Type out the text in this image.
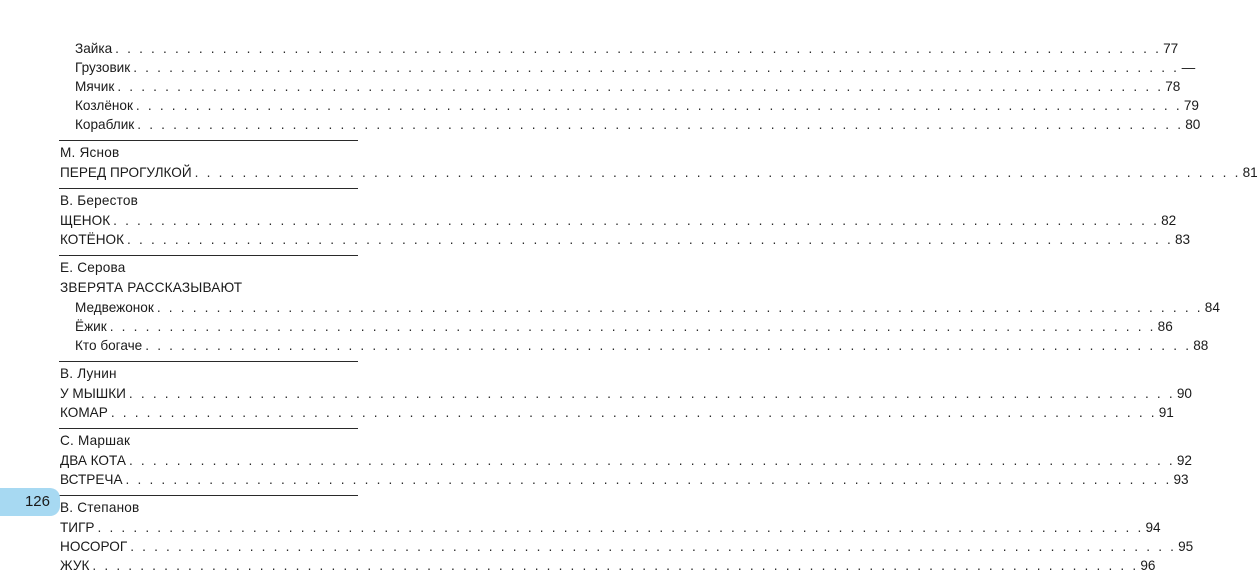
Зайка . . . . . . . . . . . . . . . . . . . . . . . . . . . . . . . . . . . . . . . . . . . . . . . . . . . . . . . . . . . . . . . . . . . . . . . . . . . . . . . . . . . . . . . . 77
Грузовик . . . . . . . . . . . . . . . . . . . . . . . . . . . . . . . . . . . . . . . . . . . . . . . . . . . . . . . . . . . . . . . . . . . . . . . . . . . . . . . . . . . . . . . . —
Мячик . . . . . . . . . . . . . . . . . . . . . . . . . . . . . . . . . . . . . . . . . . . . . . . . . . . . . . . . . . . . . . . . . . . . . . . . . . . . . . . . . . . . . . . . 78
Козлёнок . . . . . . . . . . . . . . . . . . . . . . . . . . . . . . . . . . . . . . . . . . . . . . . . . . . . . . . . . . . . . . . . . . . . . . . . . . . . . . . . . . . . . . . . 79
Кораблик . . . . . . . . . . . . . . . . . . . . . . . . . . . . . . . . . . . . . . . . . . . . . . . . . . . . . . . . . . . . . . . . . . . . . . . . . . . . . . . . . . . . . . . . 80
М. Яснов
ПЕРЕД ПРОГУЛКОЙ . . . . . . . . . . . . . . . . . . . . . . . . . . . . . . . . . . . . . . . . . . . . . . . . . . . . . . . . . . . . . . . . . . . . . . . . . . . . . . . . . . . . . . . . 81
В. Берестов
ЩЕНОК . . . . . . . . . . . . . . . . . . . . . . . . . . . . . . . . . . . . . . . . . . . . . . . . . . . . . . . . . . . . . . . . . . . . . . . . . . . . . . . . . . . . . . . . 82
КОТЁНОК . . . . . . . . . . . . . . . . . . . . . . . . . . . . . . . . . . . . . . . . . . . . . . . . . . . . . . . . . . . . . . . . . . . . . . . . . . . . . . . . . . . . . . . . 83
Е. Серова
ЗВЕРЯТА РАССКАЗЫВАЮТ
Медвежонок . . . . . . . . . . . . . . . . . . . . . . . . . . . . . . . . . . . . . . . . . . . . . . . . . . . . . . . . . . . . . . . . . . . . . . . . . . . . . . . . . . . . . . . . 84
Ёжик . . . . . . . . . . . . . . . . . . . . . . . . . . . . . . . . . . . . . . . . . . . . . . . . . . . . . . . . . . . . . . . . . . . . . . . . . . . . . . . . . . . . . . . . 86
Кто богаче . . . . . . . . . . . . . . . . . . . . . . . . . . . . . . . . . . . . . . . . . . . . . . . . . . . . . . . . . . . . . . . . . . . . . . . . . . . . . . . . . . . . . . . . 88
В. Лунин
У МЫШКИ . . . . . . . . . . . . . . . . . . . . . . . . . . . . . . . . . . . . . . . . . . . . . . . . . . . . . . . . . . . . . . . . . . . . . . . . . . . . . . . . . . . . . . . . 90
КОМАР . . . . . . . . . . . . . . . . . . . . . . . . . . . . . . . . . . . . . . . . . . . . . . . . . . . . . . . . . . . . . . . . . . . . . . . . . . . . . . . . . . . . . . . . 91
С. Маршак
ДВА КОТА . . . . . . . . . . . . . . . . . . . . . . . . . . . . . . . . . . . . . . . . . . . . . . . . . . . . . . . . . . . . . . . . . . . . . . . . . . . . . . . . . . . . . . . . 92
ВСТРЕЧА . . . . . . . . . . . . . . . . . . . . . . . . . . . . . . . . . . . . . . . . . . . . . . . . . . . . . . . . . . . . . . . . . . . . . . . . . . . . . . . . . . . . . . . . 93
В. Степанов
ТИГР . . . . . . . . . . . . . . . . . . . . . . . . . . . . . . . . . . . . . . . . . . . . . . . . . . . . . . . . . . . . . . . . . . . . . . . . . . . . . . . . . . . . . . . . 94
НОСОРОГ . . . . . . . . . . . . . . . . . . . . . . . . . . . . . . . . . . . . . . . . . . . . . . . . . . . . . . . . . . . . . . . . . . . . . . . . . . . . . . . . . . . . . . . . 95
ЖУК . . . . . . . . . . . . . . . . . . . . . . . . . . . . . . . . . . . . . . . . . . . . . . . . . . . . . . . . . . . . . . . . . . . . . . . . . . . . . . . . . . . . . . . . 96
126
